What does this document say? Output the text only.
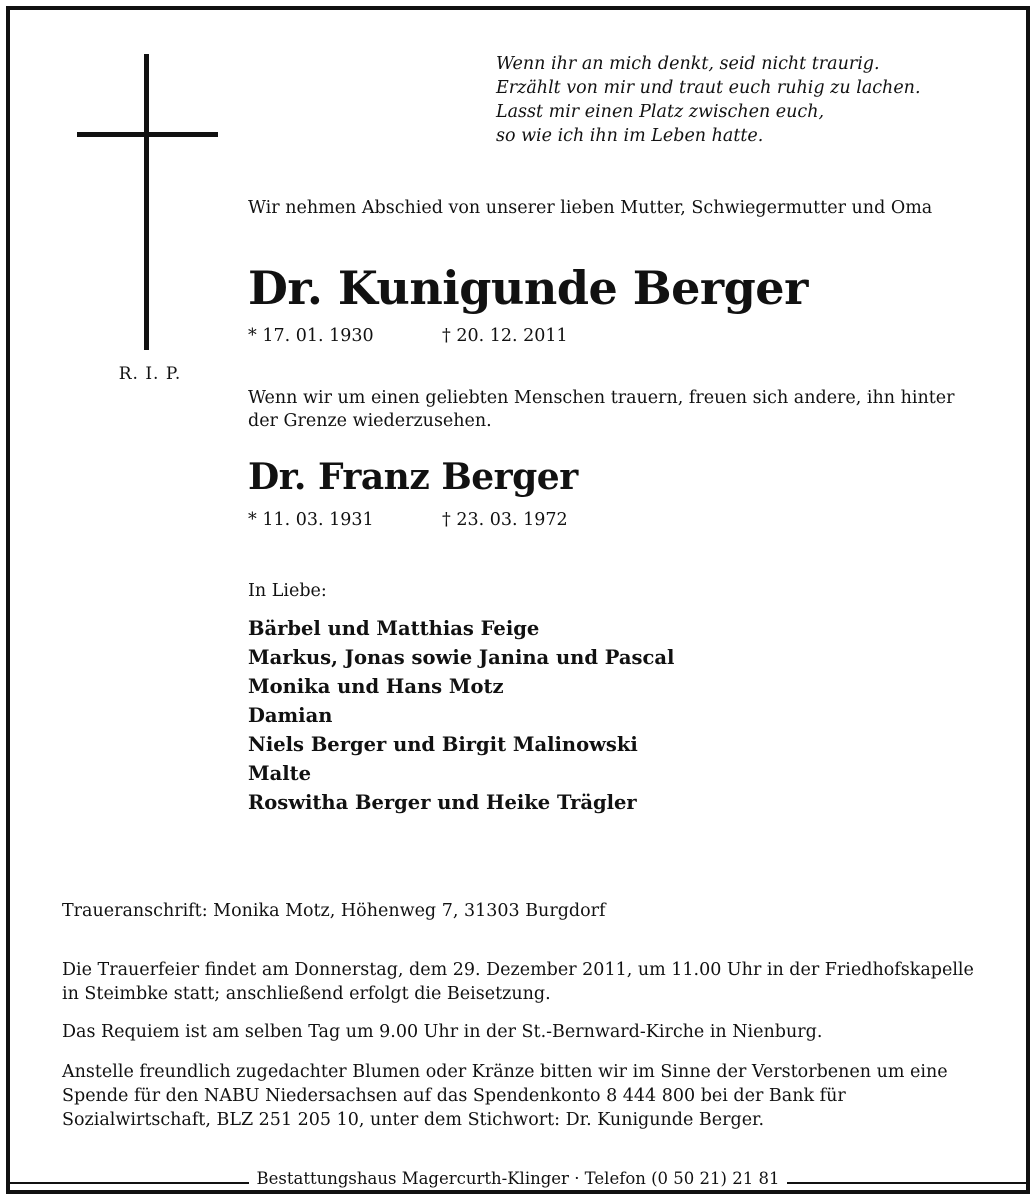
R. I. P.
Wenn ihr an mich denkt, seid nicht traurig.
Erzählt von mir und traut euch ruhig zu lachen.
Lasst mir einen Platz zwischen euch,
so wie ich ihn im Leben hatte.
Wir nehmen Abschied von unserer lieben Mutter, Schwiegermutter und Oma
Dr. Kunigunde Berger
* 17. 01. 1930	† 20. 12. 2011
Wenn wir um einen geliebten Menschen trauern, freuen sich andere, ihn hinter der Grenze wiederzusehen.
Dr. Franz Berger
* 11. 03. 1931	† 23. 03. 1972
In Liebe:
Bärbel und Matthias Feige
Markus, Jonas sowie Janina und Pascal
Monika und Hans Motz
Damian
Niels Berger und Birgit Malinowski
Malte
Roswitha Berger und Heike Trägler
Traueranschrift: Monika Motz, Höhenweg 7, 31303 Burgdorf
Die Trauerfeier findet am Donnerstag, dem 29. Dezember 2011, um 11.00 Uhr in der Friedhofskapelle in Steimbke statt; anschließend erfolgt die Beisetzung.
Das Requiem ist am selben Tag um 9.00 Uhr in der St.-Bernward-Kirche in Nienburg.
Anstelle freundlich zugedachter Blumen oder Kränze bitten wir im Sinne der Verstorbenen um eine Spende für den NABU Niedersachsen auf das Spendenkonto 8 444 800 bei der Bank für Sozialwirtschaft, BLZ 251 205 10, unter dem Stichwort: Dr. Kunigunde Berger.
Bestattungshaus Magercurth-Klinger · Telefon (0 50 21) 21 81
